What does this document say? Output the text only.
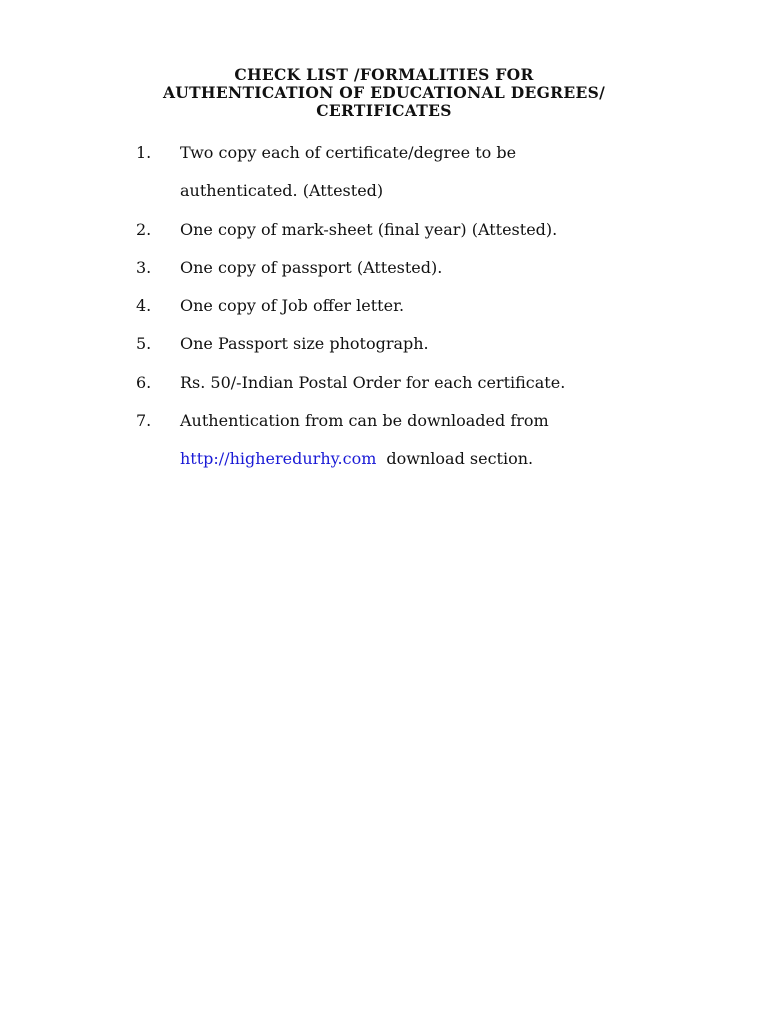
CHECK LIST /FORMALITIES FOR
AUTHENTICATION OF EDUCATIONAL DEGREES/
CERTIFICATES
1.	Two copy each of certificate/degree to be
authenticated. (Attested)
2.	One copy of mark-sheet (final year) (Attested).
3.	One copy of passport (Attested).
4.	One copy of Job offer letter.
5.	One Passport size photograph.
6.	Rs. 50/-Indian Postal Order for each certificate.
7.	Authentication from can be downloaded from
http://higheredurhy.com download section.
